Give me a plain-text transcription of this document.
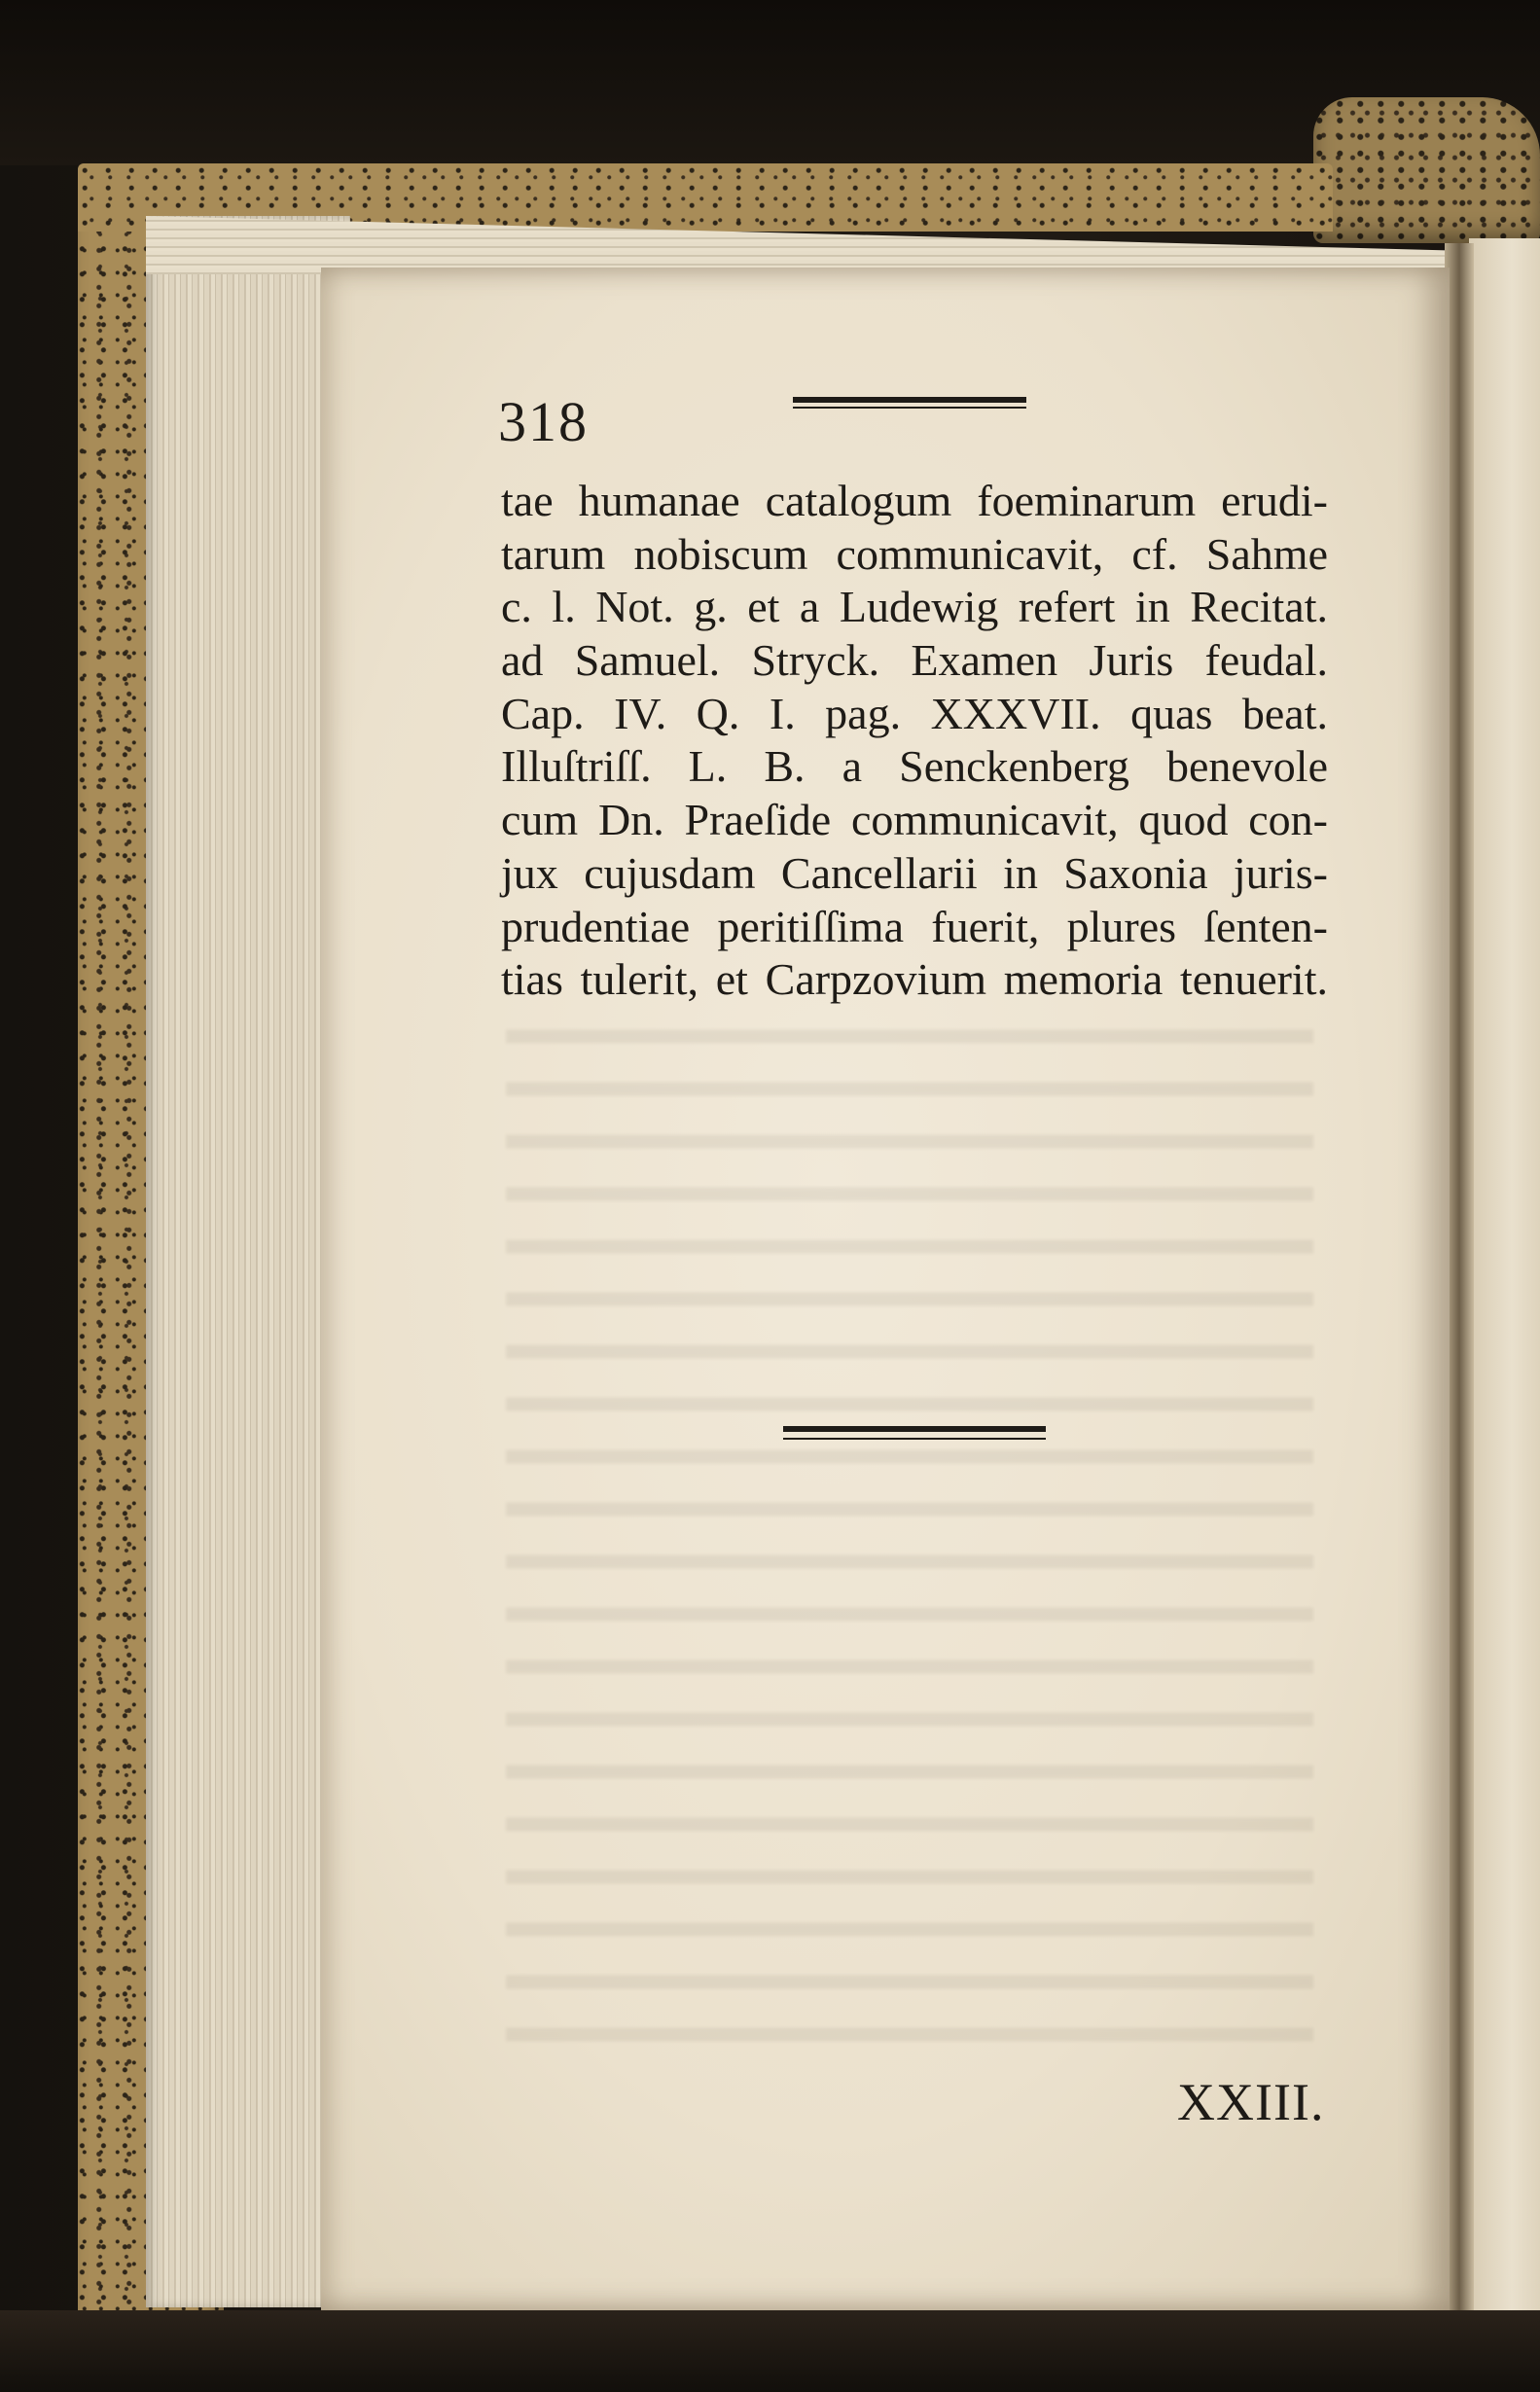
318
tae humanae catalogum foeminarum erudi-
tarum nobiscum communicavit, cf. Sahme
c. l. Not. g. et a Ludewig refert in Recitat.
ad Samuel. Stryck. Examen Juris feudal.
Cap. IV. Q. I. pag. XXXVII. quas beat.
Illuſtriſſ. L. B. a Senckenberg benevole
cum Dn. Praeſide communicavit, quod con-
jux cujusdam Cancellarii in Saxonia juris-
prudentiae peritiſſima fuerit, plures ſenten-
tias tulerit, et Carpzovium memoria tenuerit.
XXIII.
